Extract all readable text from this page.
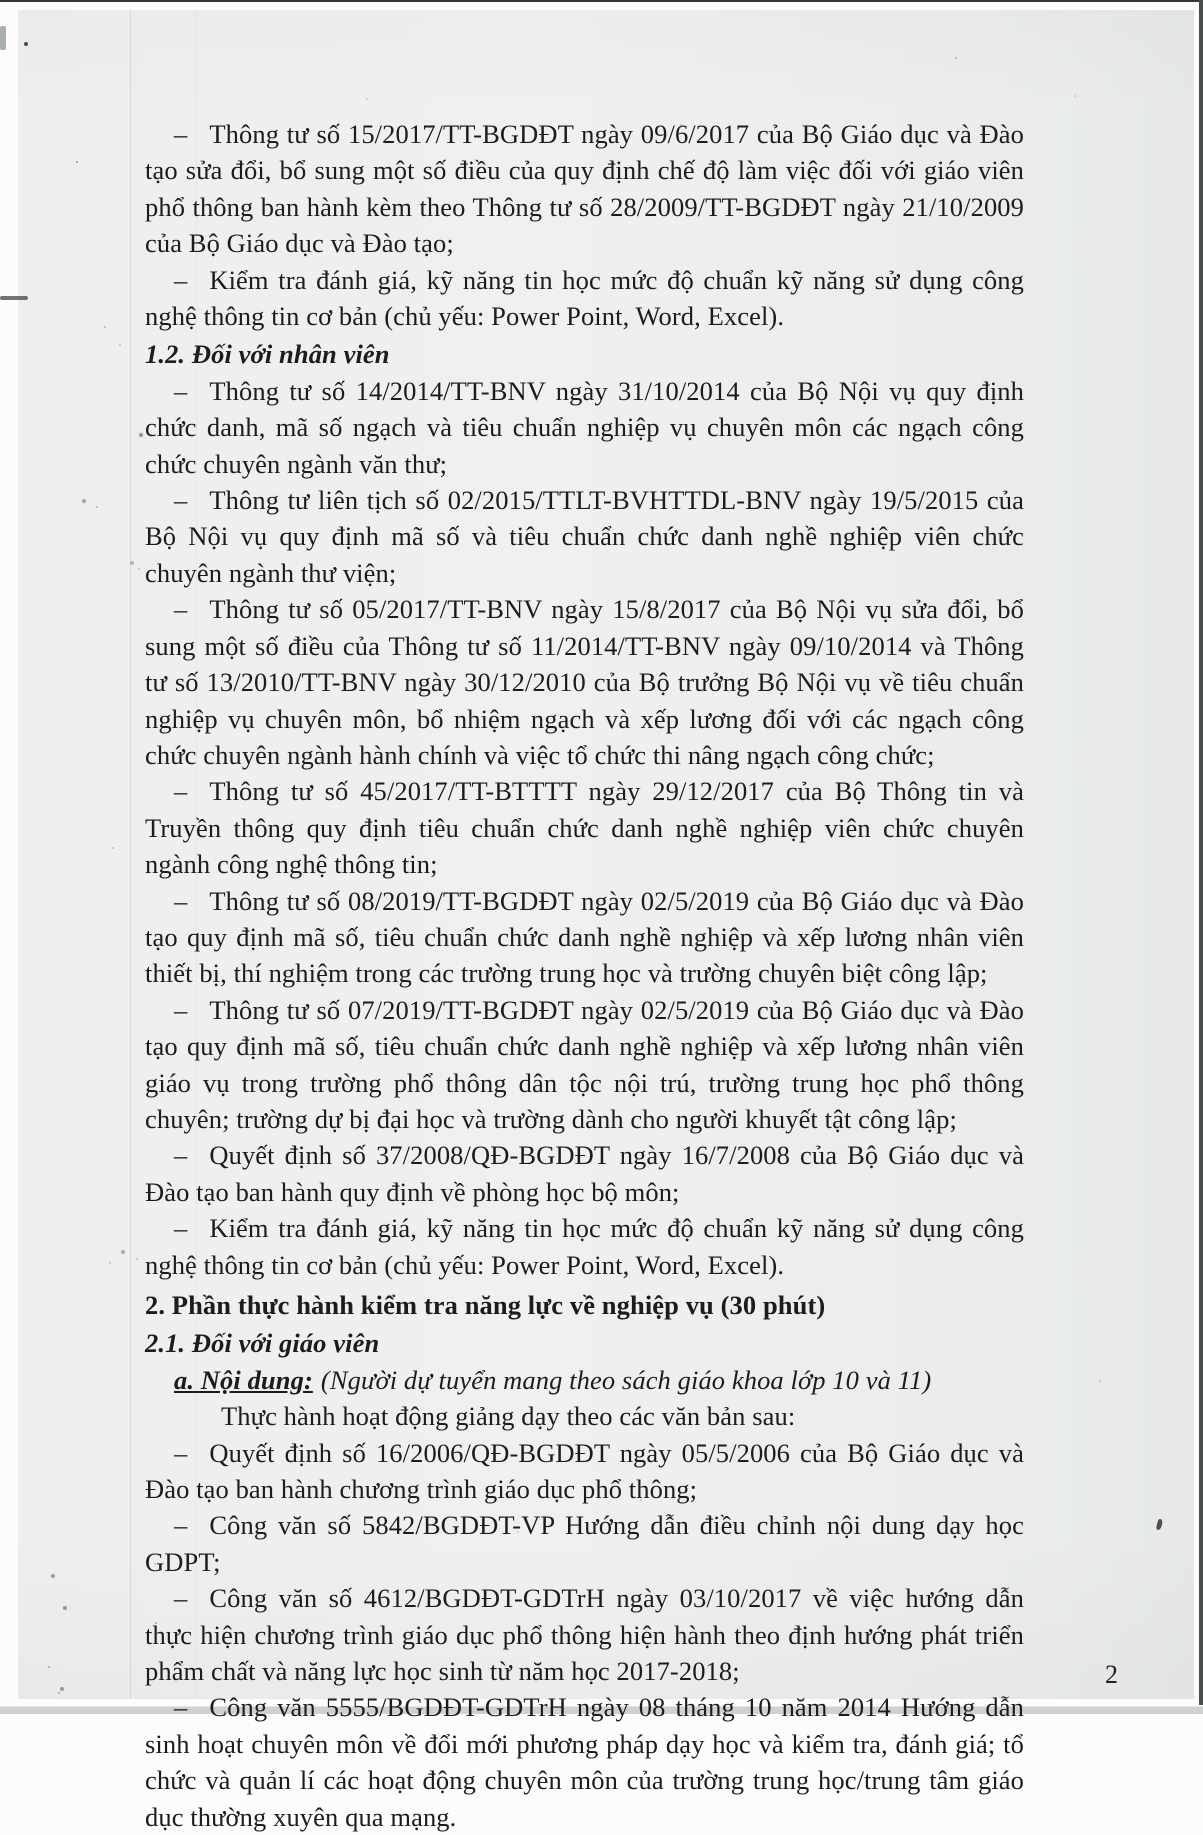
– Thông tư số 15/2017/TT-BGDĐT ngày 09/6/2017 của Bộ Giáo dục và Đào tạo sửa đổi, bổ sung một số điều của quy định chế độ làm việc đối với giáo viên phổ thông ban hành kèm theo Thông tư số 28/2009/TT-BGDĐT ngày 21/10/2009 của Bộ Giáo dục và Đào tạo;

– Kiểm tra đánh giá, kỹ năng tin học mức độ chuẩn kỹ năng sử dụng công nghệ thông tin cơ bản (chủ yếu: Power Point, Word, Excel).

1.2. Đối với nhân viên

– Thông tư số 14/2014/TT-BNV ngày 31/10/2014 của Bộ Nội vụ quy định chức danh, mã số ngạch và tiêu chuẩn nghiệp vụ chuyên môn các ngạch công chức chuyên ngành văn thư;

– Thông tư liên tịch số 02/2015/TTLT-BVHTTDL-BNV ngày 19/5/2015 của Bộ Nội vụ quy định mã số và tiêu chuẩn chức danh nghề nghiệp viên chức chuyên ngành thư viện;

– Thông tư số 05/2017/TT-BNV ngày 15/8/2017 của Bộ Nội vụ sửa đổi, bổ sung một số điều của Thông tư số 11/2014/TT-BNV ngày 09/10/2014 và Thông tư số 13/2010/TT-BNV ngày 30/12/2010 của Bộ trưởng Bộ Nội vụ về tiêu chuẩn nghiệp vụ chuyên môn, bổ nhiệm ngạch và xếp lương đối với các ngạch công chức chuyên ngành hành chính và việc tổ chức thi nâng ngạch công chức;

– Thông tư số 45/2017/TT-BTTTT ngày 29/12/2017 của Bộ Thông tin và Truyền thông quy định tiêu chuẩn chức danh nghề nghiệp viên chức chuyên ngành công nghệ thông tin;

– Thông tư số 08/2019/TT-BGDĐT ngày 02/5/2019 của Bộ Giáo dục và Đào tạo quy định mã số, tiêu chuẩn chức danh nghề nghiệp và xếp lương nhân viên thiết bị, thí nghiệm trong các trường trung học và trường chuyên biệt công lập;

– Thông tư số 07/2019/TT-BGDĐT ngày 02/5/2019 của Bộ Giáo dục và Đào tạo quy định mã số, tiêu chuẩn chức danh nghề nghiệp và xếp lương nhân viên giáo vụ trong trường phổ thông dân tộc nội trú, trường trung học phổ thông chuyên; trường dự bị đại học và trường dành cho người khuyết tật công lập;

– Quyết định số 37/2008/QĐ-BGDĐT ngày 16/7/2008 của Bộ Giáo dục và Đào tạo ban hành quy định về phòng học bộ môn;

– Kiểm tra đánh giá, kỹ năng tin học mức độ chuẩn kỹ năng sử dụng công nghệ thông tin cơ bản (chủ yếu: Power Point, Word, Excel).

2. Phần thực hành kiểm tra năng lực về nghiệp vụ (30 phút)

2.1. Đối với giáo viên

a. Nội dung: (Người dự tuyển mang theo sách giáo khoa lớp 10 và 11)

Thực hành hoạt động giảng dạy theo các văn bản sau:

– Quyết định số 16/2006/QĐ-BGDĐT ngày 05/5/2006 của Bộ Giáo dục và Đào tạo ban hành chương trình giáo dục phổ thông;

– Công văn số 5842/BGDĐT-VP Hướng dẫn điều chỉnh nội dung dạy học GDPT;

– Công văn số 4612/BGDĐT-GDTrH ngày 03/10/2017 về việc hướng dẫn thực hiện chương trình giáo dục phổ thông hiện hành theo định hướng phát triển phẩm chất và năng lực học sinh từ năm học 2017-2018;

– Công văn 5555/BGDĐT-GDTrH ngày 08 tháng 10 năm 2014 Hướng dẫn sinh hoạt chuyên môn về đổi mới phương pháp dạy học và kiểm tra, đánh giá; tổ chức và quản lí các hoạt động chuyên môn của trường trung học/trung tâm giáo dục thường xuyên qua mạng.

2
